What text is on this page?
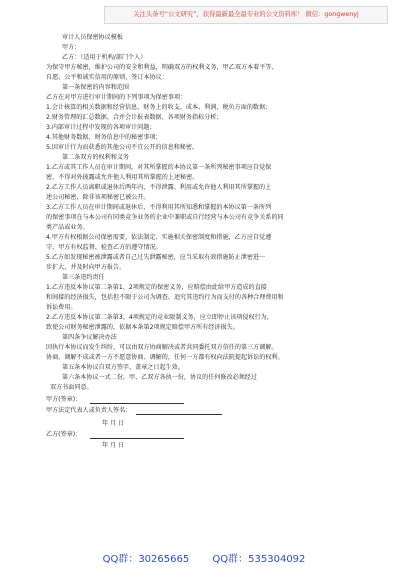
关注头条号“公文研究”，获得最新最全最专业的公文资料库！ 微信：gongwenyj
审计人员保密协议模板
甲方：
乙方：（适用于机构/部门个人）
为保守甲方秘密，维护公司的安全和利益，明确双方的权利义务，甲乙双方本着平等、
自愿、公平和诚实信用的原则，签订本协议：
第一条保密的内容和范围
乙方在对甲方进行审计期间的下列事项为保密事项：
1.会计核算的相关数据和经营信息，财务上的收支、成本、利润、税负方面的数据；
2.财务管理的汇总数据、合并会计报表数据、各项财务指标分析；
3.内部审计过程中发现的各项审计问题；
4.其他财务数据、财务信息中的秘密事项；
5.因审计行为而获悉的其他公司不宜公开的信息和秘密。
第二条双方的权利和义务
1.乙方或其工作人员在审计期间，对其所掌握的本协议第一条所列秘密事项应自觉保
密，不得对外披露或允许他人利用其所掌握的上述秘密。
2.乙方工作人员离职或退休后两年内，不得泄露、利用或允许他人利用其所掌握的上
述公司秘密，除非该项秘密已被公开。
3.乙方工作人员在审计期间或退休后，不得利用其所知悉和掌握的本协议第一条所列
的保密事项在与本公司有同类竞争业务的企业中兼职或自行经营与本公司有竞争关系的同
类产品或业务。
4.甲方有权根据公司保密需要，依法制定、实施相关保密制度和措施，乙方应自觉遵
守，甲方有权监督、检查乙方的遵守情况。
5.乙方如发现秘密被泄露或者自己过失泄露秘密，应当采取有效措施防止泄密进一
步扩大，并及时向甲方报告。
第三条违约责任
1.乙方违反本协议第二条第1、2项规定的保密义务，应赔偿由此给甲方造成的直接
和间接的经济损失，包括但不限于公司为调查、追究其违约行为而支付的各种合理费用和
诉讼费用。
2.乙方违反本协议第二条第3、4项规定的竞业限制义务，应立即停止该项侵权行为，
致使公司财务秘密泄露的，依据本条第2项规定赔偿甲方所有经济损失。
第四条争议解决办法
因执行本协议而发生纠纷，可以由双方协商解决或者共同委托双方信任的第三方调解。
协商、调解不成或者一方不愿意协商、调解的，任何一方都有权向法院提起诉讼的权利。
第五条本协议自双方签字、盖章之日起生效。
第六条本协议一式二份，甲、乙双方各执一份，协议的任何修改必须经过
双方书面同意。
甲方(签章)：
甲方法定代表人或负责人签名：
年 月 日
乙方(签章)：
年 月 日
QQ群：30265665 QQ群：535304092
